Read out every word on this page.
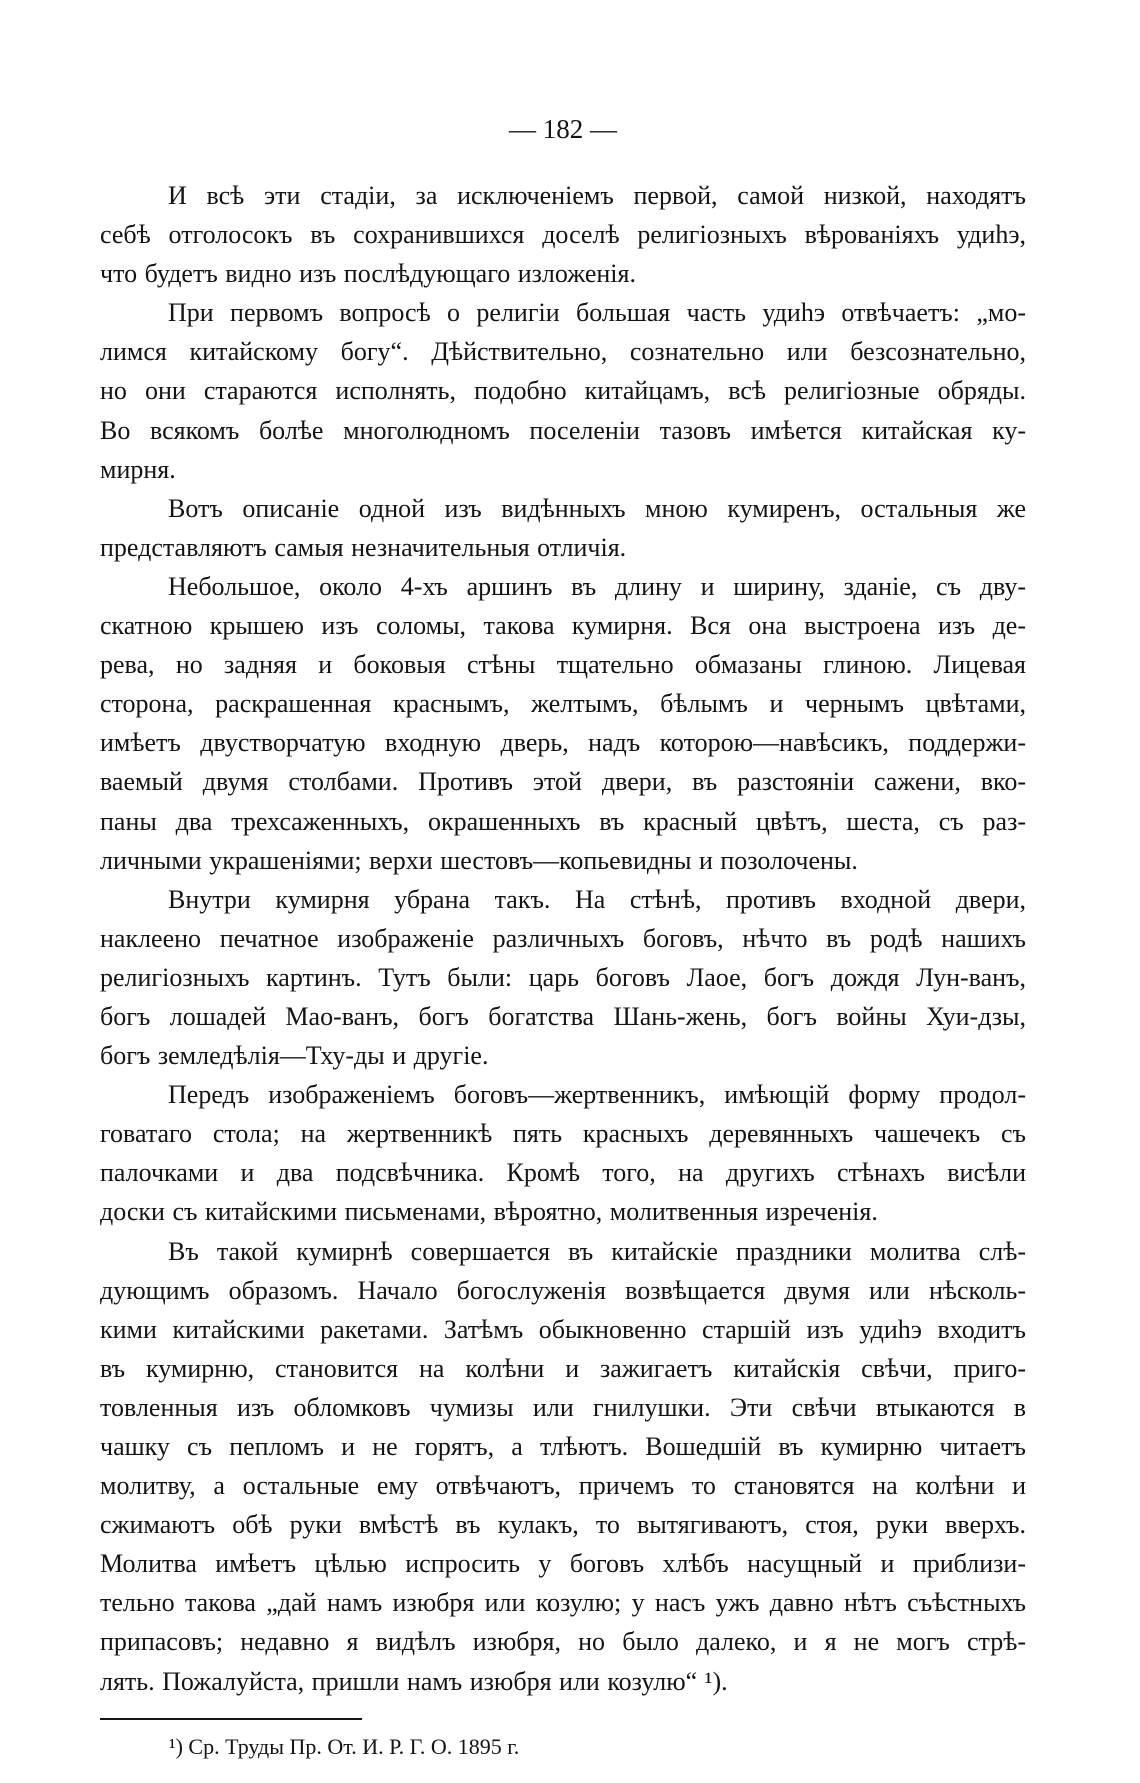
— 182 —
И всѣ эти стадіи, за исключеніемъ первой, самой низкой, находятъ
себѣ отголосокъ въ сохранившихся доселѣ религіозныхъ вѣрованіяхъ удиһэ,
что будетъ видно изъ послѣдующаго изложенія.
При первомъ вопросѣ о религіи большая часть удиһэ отвѣчаетъ: „мо-
лимся китайскому богу“. Дѣйствительно, сознательно или безсознательно,
но они стараются исполнять, подобно китайцамъ, всѣ религіозные обряды.
Во всякомъ болѣе многолюдномъ поселеніи тазовъ имѣется китайская ку-
мирня.
Вотъ описаніе одной изъ видѣнныхъ мною кумиренъ, остальныя же
представляютъ самыя незначительныя отличія.
Небольшое, около 4-хъ аршинъ въ длину и ширину, зданіе, съ дву-
скатною крышею изъ соломы, такова кумирня. Вся она выстроена изъ де-
рева, но задняя и боковыя стѣны тщательно обмазаны глиною. Лицевая
сторона, раскрашенная краснымъ, желтымъ, бѣлымъ и чернымъ цвѣтами,
имѣетъ двустворчатую входную дверь, надъ которою—навѣсикъ, поддержи-
ваемый двумя столбами. Противъ этой двери, въ разстояніи сажени, вко-
паны два трехсаженныхъ, окрашенныхъ въ красный цвѣтъ, шеста, съ раз-
личными украшеніями; верхи шестовъ—копьевидны и позолочены.
Внутри кумирня убрана такъ. На стѣнѣ, противъ входной двери,
наклеено печатное изображеніе различныхъ боговъ, нѣчто въ родѣ нашихъ
религіозныхъ картинъ. Тутъ были: царь боговъ Лаое, богъ дождя Лун-ванъ,
богъ лошадей Мао-ванъ, богъ богатства Шань-жень, богъ войны Хуи-дзы,
богъ земледѣлія—Тху-ды и другіе.
Передъ изображеніемъ боговъ—жертвенникъ, имѣющій форму продол-
говатаго стола; на жертвенникѣ пять красныхъ деревянныхъ чашечекъ съ
палочками и два подсвѣчника. Кромѣ того, на другихъ стѣнахъ висѣли
доски съ китайскими письменами, вѣроятно, молитвенныя изреченія.
Въ такой кумирнѣ совершается въ китайскіе праздники молитва слѣ-
дующимъ образомъ. Начало богослуженія возвѣщается двумя или нѣсколь-
кими китайскими ракетами. Затѣмъ обыкновенно старшій изъ удиһэ входитъ
въ кумирню, становится на колѣни и зажигаетъ китайскія свѣчи, приго-
товленныя изъ обломковъ чумизы или гнилушки. Эти свѣчи втыкаются в
чашку съ пепломъ и не горятъ, а тлѣютъ. Вошедшій въ кумирню читаетъ
молитву, а остальные ему отвѣчаютъ, причемъ то становятся на колѣни и
сжимаютъ обѣ руки вмѣстѣ въ кулакъ, то вытягиваютъ, стоя, руки вверхъ.
Молитва имѣетъ цѣлью испросить у боговъ хлѣбъ насущный и приблизи-
тельно такова „дай намъ изюбря или козулю; у насъ ужъ давно нѣтъ съѣстныхъ
припасовъ; недавно я видѣлъ изюбря, но было далеко, и я не могъ стрѣ-
лять. Пожалуйста, пришли намъ изюбря или козулю“ ¹).
¹) Ср. Труды Пр. От. И. Р. Г. О. 1895 г.
